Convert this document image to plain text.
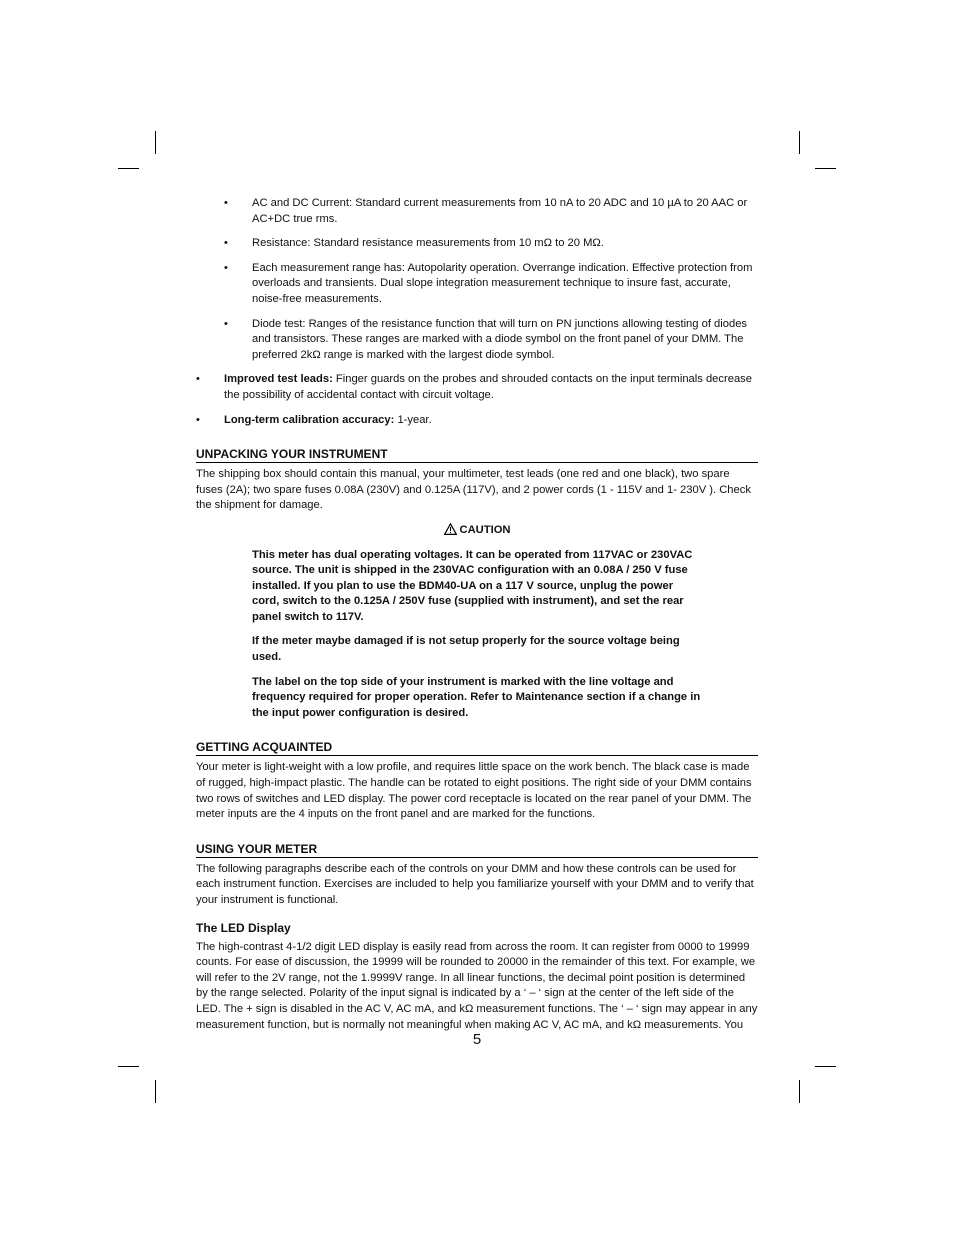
• AC and DC Current: Standard current measurements from 10 nA to 20 ADC and 10 µA to 20 AAC or AC+DC true rms.
• Resistance: Standard resistance measurements from 10 mΩ to 20 MΩ.
• Each measurement range has: Autopolarity operation. Overrange indication. Effective protection from overloads and transients. Dual slope integration measurement technique to insure fast, accurate, noise-free measurements.
• Diode test: Ranges of the resistance function that will turn on PN junctions allowing testing of diodes and transistors. These ranges are marked with a diode symbol on the front panel of your DMM. The preferred 2kΩ range is marked with the largest diode symbol.
• Improved test leads: Finger guards on the probes and shrouded contacts on the input terminals decrease the possibility of accidental contact with circuit voltage.
• Long-term calibration accuracy: 1-year.
UNPACKING YOUR INSTRUMENT

The shipping box should contain this manual, your multimeter, test leads (one red and one black), two spare fuses (2A); two spare fuses 0.08A (230V) and 0.125A (117V), and 2 power cords (1 - 115V and 1- 230V ). Check the shipment for damage.

CAUTION

This meter has dual operating voltages. It can be operated from 117VAC or 230VAC source. The unit is shipped in the 230VAC configuration with an 0.08A / 250 V fuse installed. If you plan to use the BDM40-UA on a 117 V source, unplug the power cord, switch to the 0.125A / 250V fuse (supplied with instrument), and set the rear panel switch to 117V.

If the meter maybe damaged if is not setup properly for the source voltage being used.

The label on the top side of your instrument is marked with the line voltage and frequency required for proper operation. Refer to Maintenance section if a change in the input power configuration is desired.

GETTING ACQUAINTED

Your meter is light-weight with a low profile, and requires little space on the work bench. The black case is made of rugged, high-impact plastic. The handle can be rotated to eight positions. The right side of your DMM contains two rows of switches and LED display. The power cord receptacle is located on the rear panel of your DMM. The meter inputs are the 4 inputs on the front panel and are marked for the functions.

USING YOUR METER

The following paragraphs describe each of the controls on your DMM and how these controls can be used for each instrument function. Exercises are included to help you familiarize yourself with your DMM and to verify that your instrument is functional.

The LED Display

The high-contrast 4-1/2 digit LED display is easily read from across the room. It can register from 0000 to 19999 counts. For ease of discussion, the 19999 will be rounded to 20000 in the remainder of this text. For example, we will refer to the 2V range, not the 1.9999V range. In all linear functions, the decimal point position is determined by the range selected. Polarity of the input signal is indicated by a ‘ – ‘ sign at the center of the left side of the LED. The + sign is disabled in the AC V, AC mA, and kΩ measurement functions. The ‘ – ‘ sign may appear in any measurement function, but is normally not meaningful when making AC V, AC mA, and kΩ measurements. You

5
